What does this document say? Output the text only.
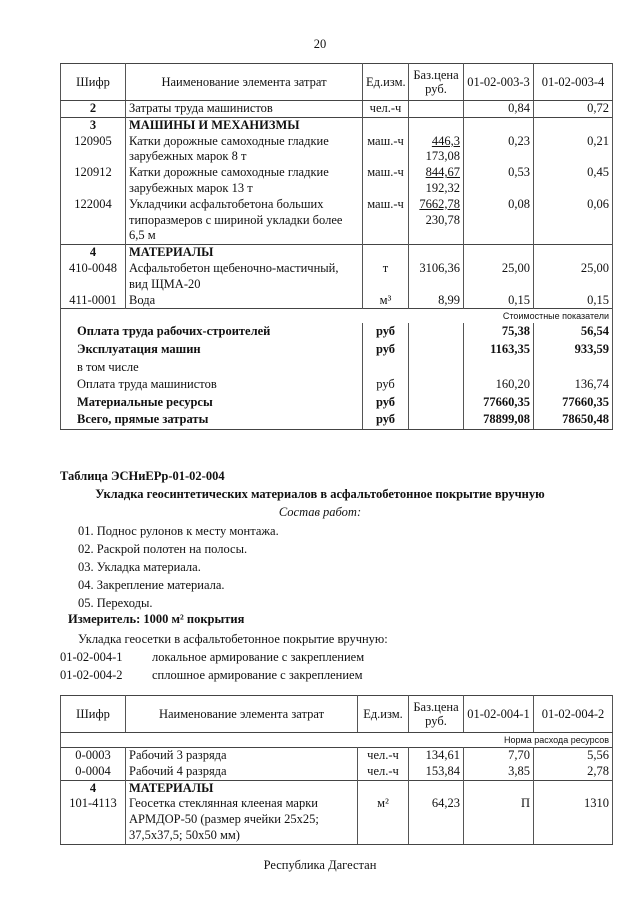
20
Шифр	Наименование элемента затрат	Ед.изм.	Баз.цена руб.	01-02-003-3	01-02-003-4
2	Затраты труда машинистов	чел.-ч		0,84	0,72
3	МАШИНЫ И МЕХАНИЗМЫ				
120905	Катки дорожные самоходные гладкие	маш.-ч	446,3	0,23	0,21
	зарубежных марок 8 т		173,08		
120912	Катки дорожные самоходные гладкие	маш.-ч	844,67	0,53	0,45
	зарубежных марок 13 т		192,32		
122004	Укладчики асфальтобетона больших	маш.-ч	7662,78	0,08	0,06
	типоразмеров с шириной укладки более		230,78		
	6,5 м				
4	МАТЕРИАЛЫ				
410-0048	Асфальтобетон щебеночно-мастичный,	т	3106,36	25,00	25,00
	вид ЩМА-20				
411-0001	Вода	м³	8,99	0,15	0,15
Стоимостные показатели					
Оплата труда рабочих-строителей		руб		75,38	56,54
Эксплуатация машин		руб		1163,35	933,59
в том числе					
Оплата труда машинистов		руб		160,20	136,74
Материальные ресурсы		руб		77660,35	77660,35
Всего, прямые затраты		руб		78899,08	78650,48
Таблица ЭСНиЕРр-01-02-004
Укладка геосинтетических материалов в асфальтобетонное покрытие вручную
Состав работ:
01. Поднос рулонов к месту монтажа.
02. Раскрой полотен на полосы.
03. Укладка материала.
04. Закрепление материала.
05. Переходы.
Измеритель: 1000 м² покрытия
Укладка геосетки в асфальтобетонное покрытие вручную:
01-02-004-1 локальное армирование с закреплением
01-02-004-2 сплошное армирование с закреплением
Шифр	Наименование элемента затрат	Ед.изм.	Баз.цена руб.	01-02-004-1	01-02-004-2
Норма расхода ресурсов					
0-0003	Рабочий 3 разряда	чел.-ч	134,61	7,70	5,56
0-0004	Рабочий 4 разряда	чел.-ч	153,84	3,85	2,78
4	МАТЕРИАЛЫ				
101-4113	Геосетка стеклянная клееная марки	м²	64,23	П	1310
	АРМДОР-50 (размер ячейки 25x25;				
	37,5x37,5; 50x50 мм)				
Республика Дагестан
